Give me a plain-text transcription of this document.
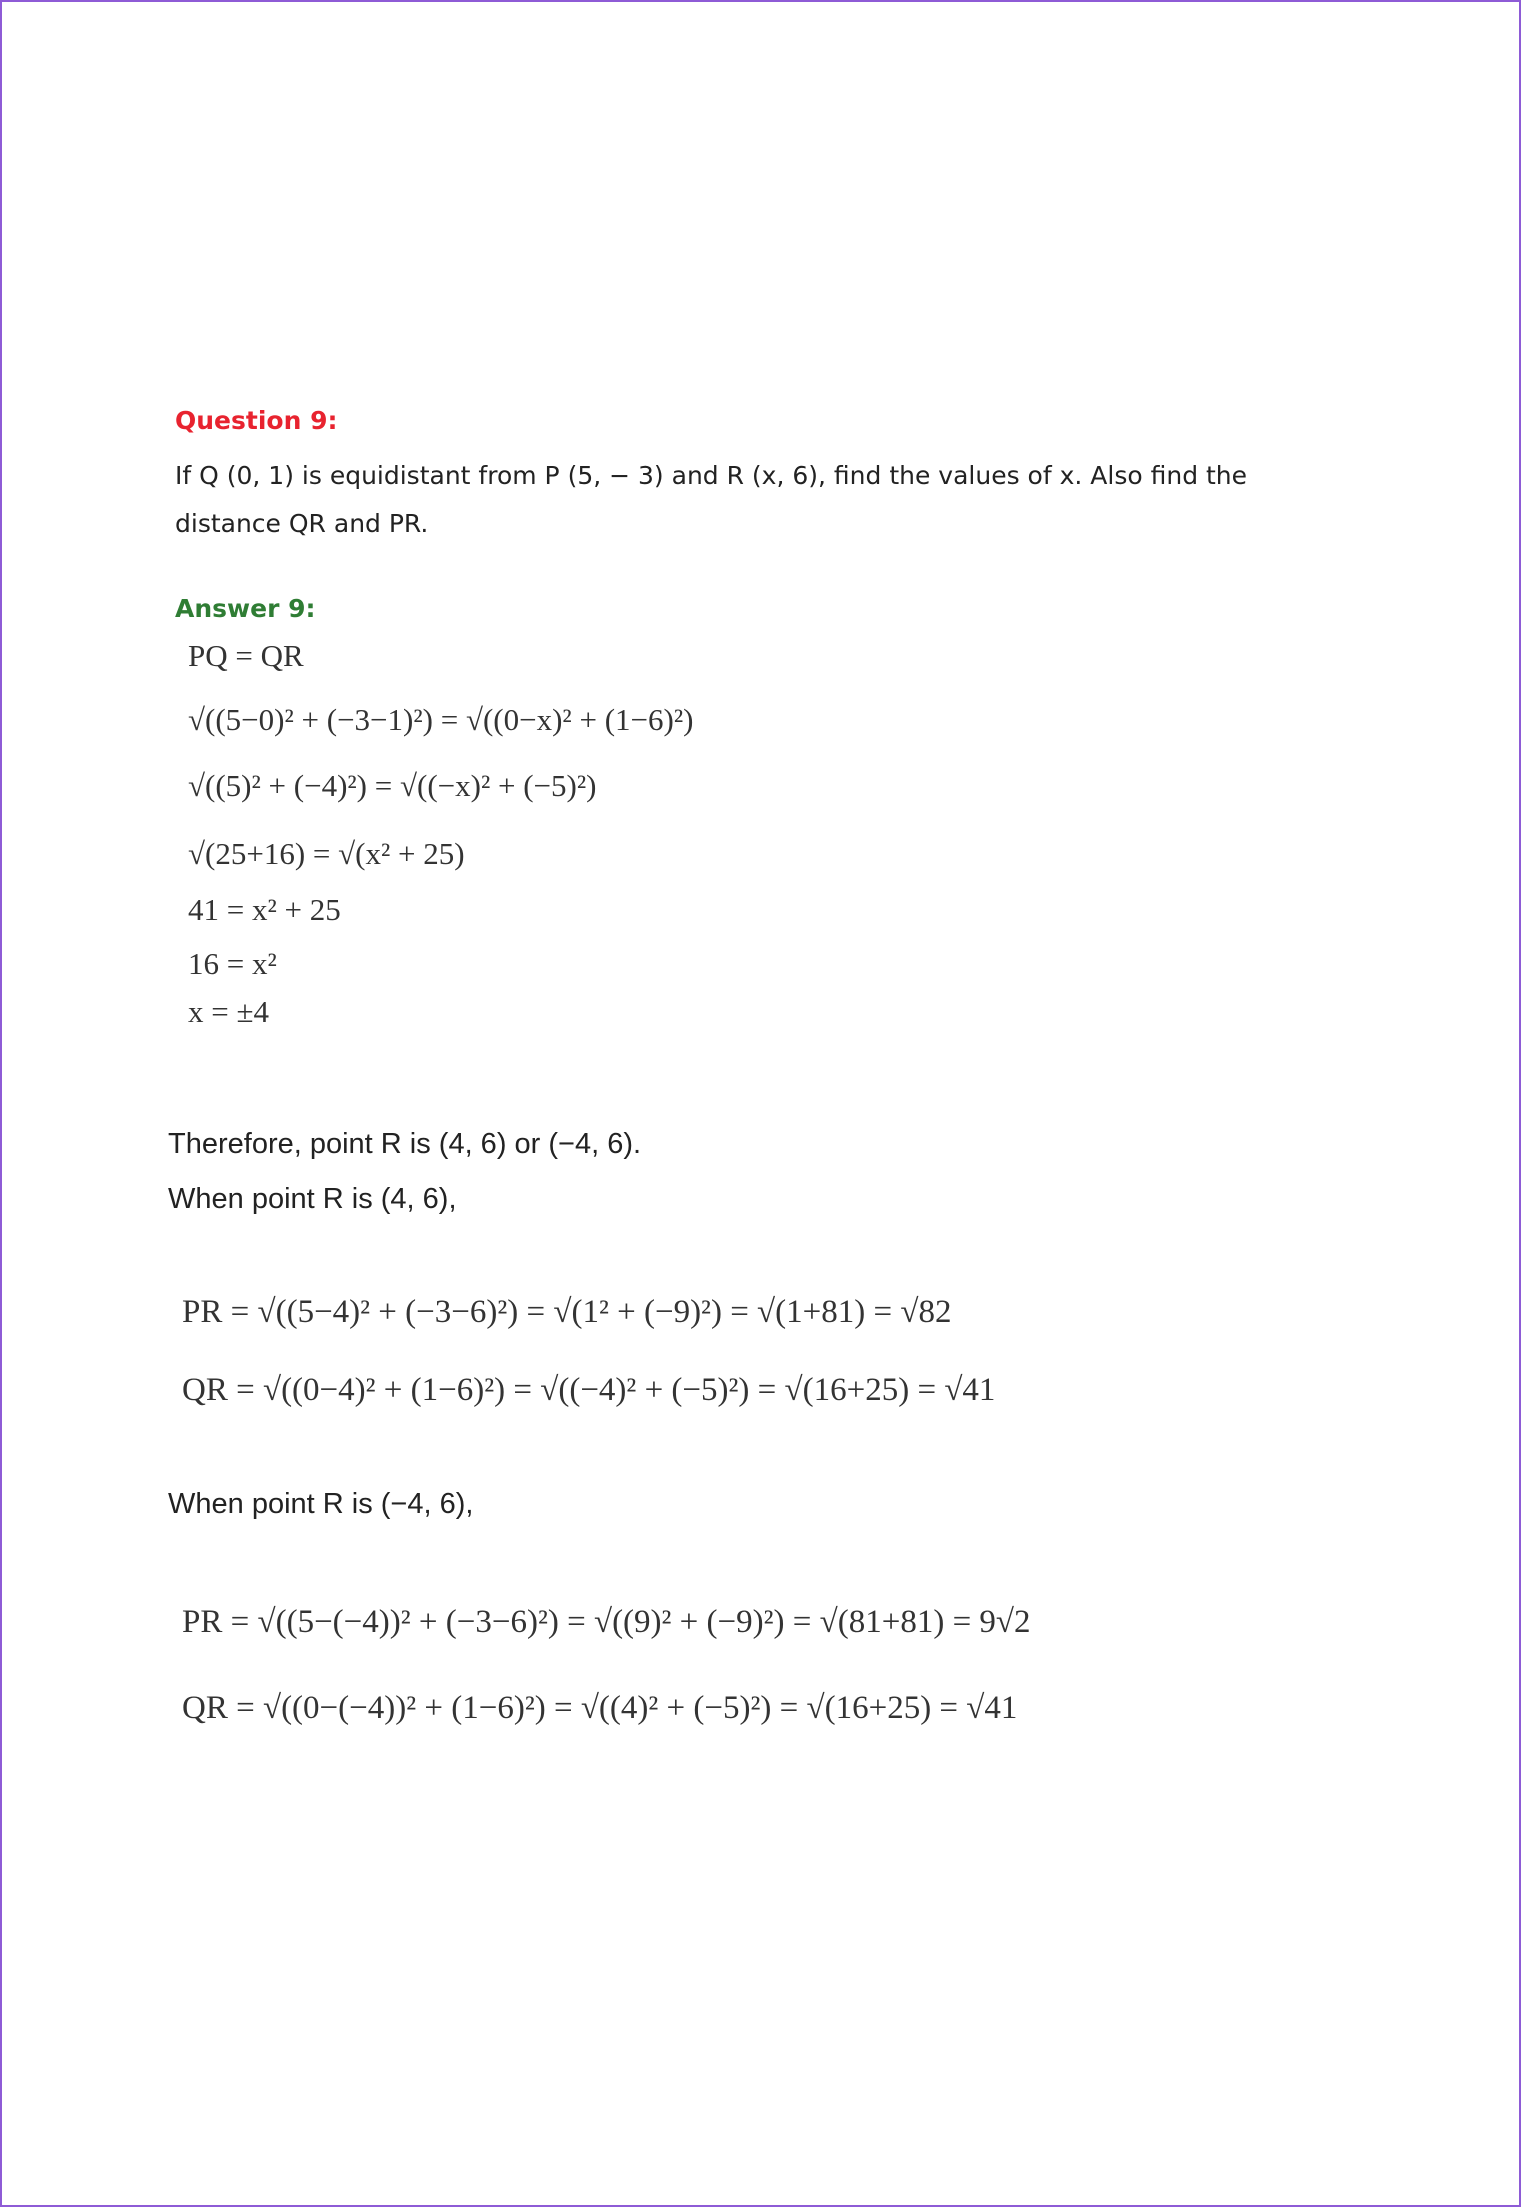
Question 9:
If Q (0, 1) is equidistant from P (5, − 3) and R (x, 6), find the values of x. Also find the
distance QR and PR.
Answer 9:
PQ = QR
√((5−0)² + (−3−1)²) = √((0−x)² + (1−6)²)
√((5)² + (−4)²) = √((−x)² + (−5)²)
√(25+16) = √(x² + 25)
41 = x² + 25
16 = x²
x = ±4
Therefore, point R is (4, 6) or (−4, 6).
When point R is (4, 6),
PR = √((5−4)² + (−3−6)²) = √(1² + (−9)²) = √(1+81) = √82
QR = √((0−4)² + (1−6)²) = √((−4)² + (−5)²) = √(16+25) = √41
When point R is (−4, 6),
PR = √((5−(−4))² + (−3−6)²) = √((9)² + (−9)²) = √(81+81) = 9√2
QR = √((0−(−4))² + (1−6)²) = √((4)² + (−5)²) = √(16+25) = √41
